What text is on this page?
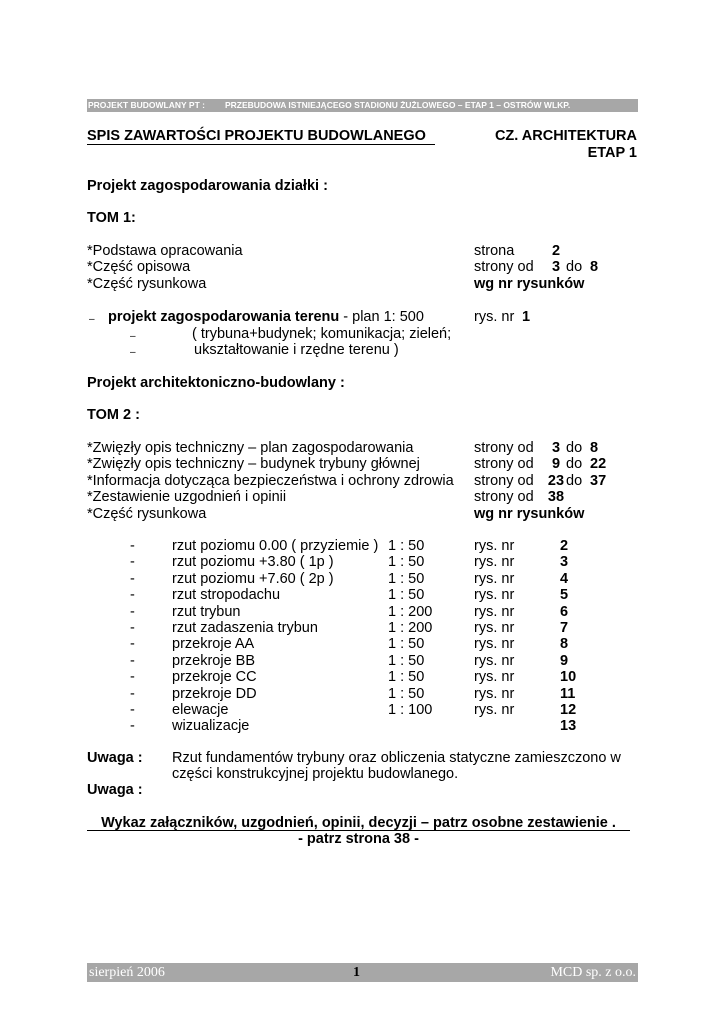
PROJEKT BUDOWLANY PT : PRZEBUDOWA ISTNIEJĄCEGO STADIONU ŻUŻLOWEGO – ETAP 1 – OSTRÓW WLKP.
SPIS ZAWARTOŚCI PROJEKTU BUDOWLANEGO	CZ. ARCHITEKTURA
ETAP 1
Projekt zagospodarowania działki :
TOM 1:
*Podstawa opracowania	strona	2
*Część opisowa	strony od	3 do 8
*Część rysunkowa	wg nr rysunków
– projekt zagospodarowania terenu - plan 1: 500	rys. nr 1
–	( trybuna+budynek; komunikacja; zieleń;
–	ukształtowanie i rzędne terenu )
Projekt architektoniczno-budowlany :
TOM 2 :
*Zwięzły opis techniczny – plan zagospodarowania	strony od	3 do 8
*Zwięzły opis techniczny – budynek trybuny głównej	strony od	9 do 22
*Informacja dotycząca bezpieczeństwa i ochrony zdrowia strony od 23 do 37
*Zestawienie uzgodnień i opinii	strony od 38
*Część rysunkowa	wg nr rysunków
-	rzut poziomu 0.00 ( przyziemie ) 1 : 50	rys. nr	2
-	rzut poziomu +3.80 ( 1p )	1 : 50	rys. nr	3
-	rzut poziomu +7.60 ( 2p )	1 : 50	rys. nr	4
-	rzut stropodachu	1 : 50	rys. nr	5
-	rzut trybun	1 : 200	rys. nr	6
-	rzut zadaszenia trybun	1 : 200	rys. nr	7
-	przekroje AA	1 : 50	rys. nr	8
-	przekroje BB	1 : 50	rys. nr	9
-	przekroje CC	1 : 50	rys. nr	10
-	przekroje DD	1 : 50	rys. nr	11
-	elewacje	1 : 100	rys. nr	12
-	wizualizacje	13
Uwaga : Rzut fundamentów trybuny oraz obliczenia statyczne zamieszczono w
części konstrukcyjnej projektu budowlanego.
Uwaga :
Wykaz załączników, uzgodnień, opinii, decyzji – patrz osobne zestawienie .
- patrz strona 38 -
sierpień 2006	1	MCD sp. z o.o.
